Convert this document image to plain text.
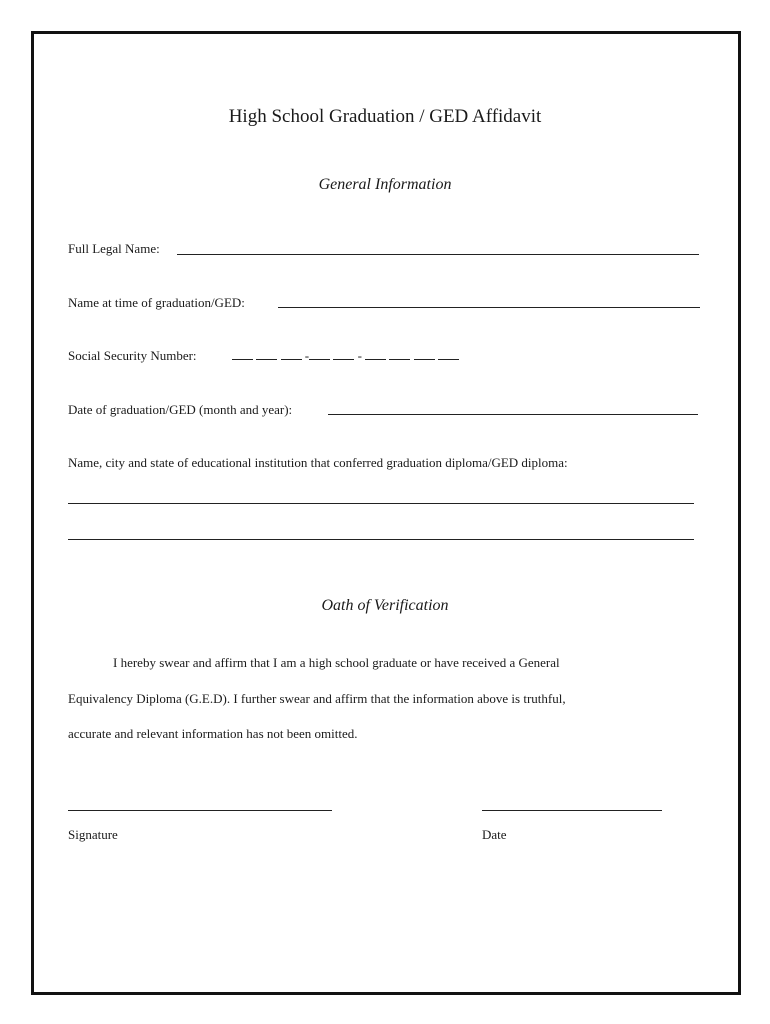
High School Graduation / GED Affidavit
General Information
Full Legal Name:
Name at time of graduation/GED:
Social Security Number:	-	-
Date of graduation/GED (month and year):
Name, city and state of educational institution that conferred graduation diploma/GED diploma:
Oath of Verification
I hereby swear and affirm that I am a high school graduate or have received a General
Equivalency Diploma (G.E.D). I further swear and affirm that the information above is truthful,
accurate and relevant information has not been omitted.
Signature	Date
